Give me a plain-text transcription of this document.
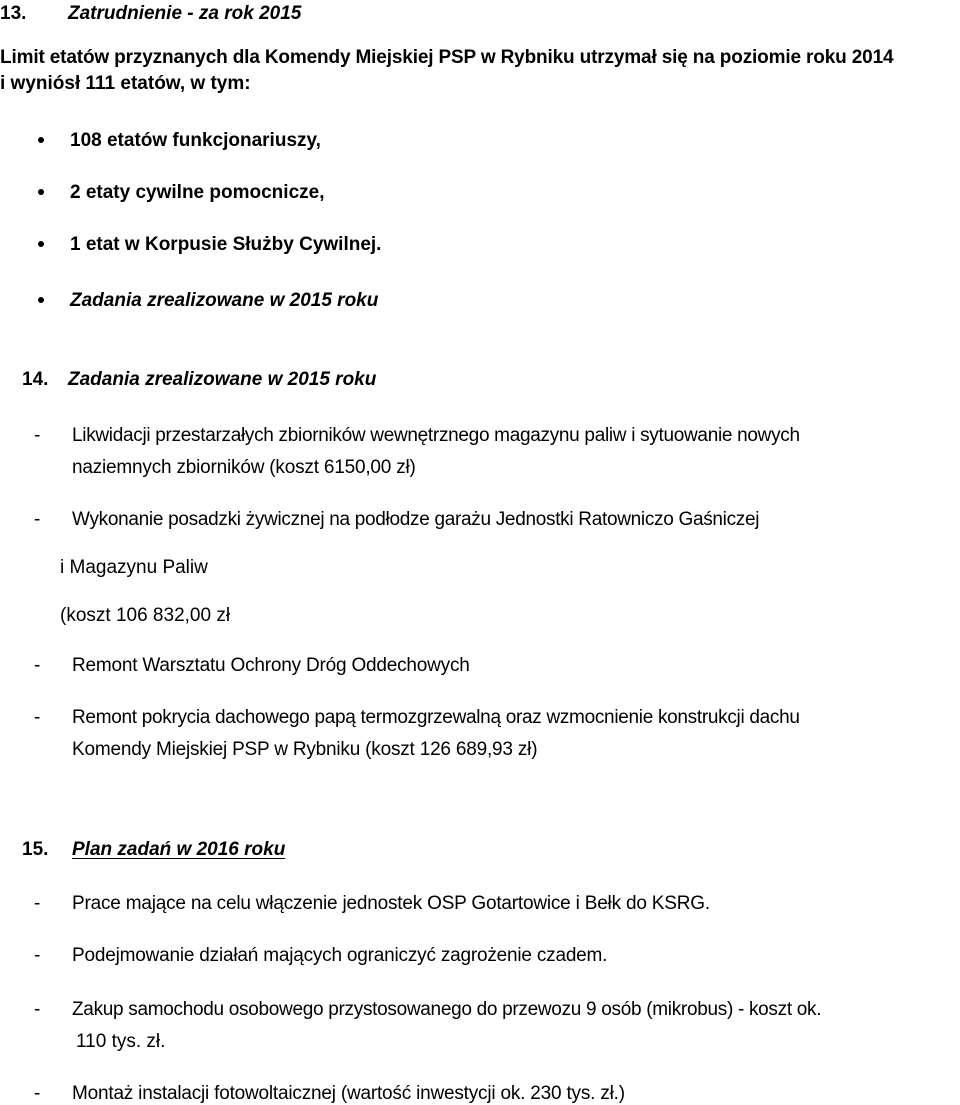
13. Zatrudnienie - za rok 2015
Limit etatów przyznanych dla Komendy Miejskiej PSP w Rybniku utrzymał się na poziomie roku 2014
i wyniósł 111 etatów, w tym:
108 etatów funkcjonariuszy,
2 etaty cywilne pomocnicze,
1 etat w Korpusie Służby Cywilnej.
Zadania zrealizowane w 2015 roku
14. Zadania zrealizowane w 2015 roku
- Likwidacji przestarzałych zbiorników wewnętrznego magazynu paliw i sytuowanie nowych
naziemnych zbiorników (koszt 6150,00 zł)
- Wykonanie posadzki żywicznej na podłodze garażu Jednostki Ratowniczo Gaśniczej
i Magazynu Paliw
(koszt 106 832,00 zł
- Remont Warsztatu Ochrony Dróg Oddechowych
- Remont pokrycia dachowego papą termozgrzewalną oraz wzmocnienie konstrukcji dachu
Komendy Miejskiej PSP w Rybniku (koszt 126 689,93 zł)
15. Plan zadań w 2016 roku
- Prace mające na celu włączenie jednostek OSP Gotartowice i Bełk do KSRG.
- Podejmowanie działań mających ograniczyć zagrożenie czadem.
- Zakup samochodu osobowego przystosowanego do przewozu 9 osób (mikrobus) - koszt ok.
110 tys. zł.
- Montaż instalacji fotowoltaicznej (wartość inwestycji ok. 230 tys. zł.)
